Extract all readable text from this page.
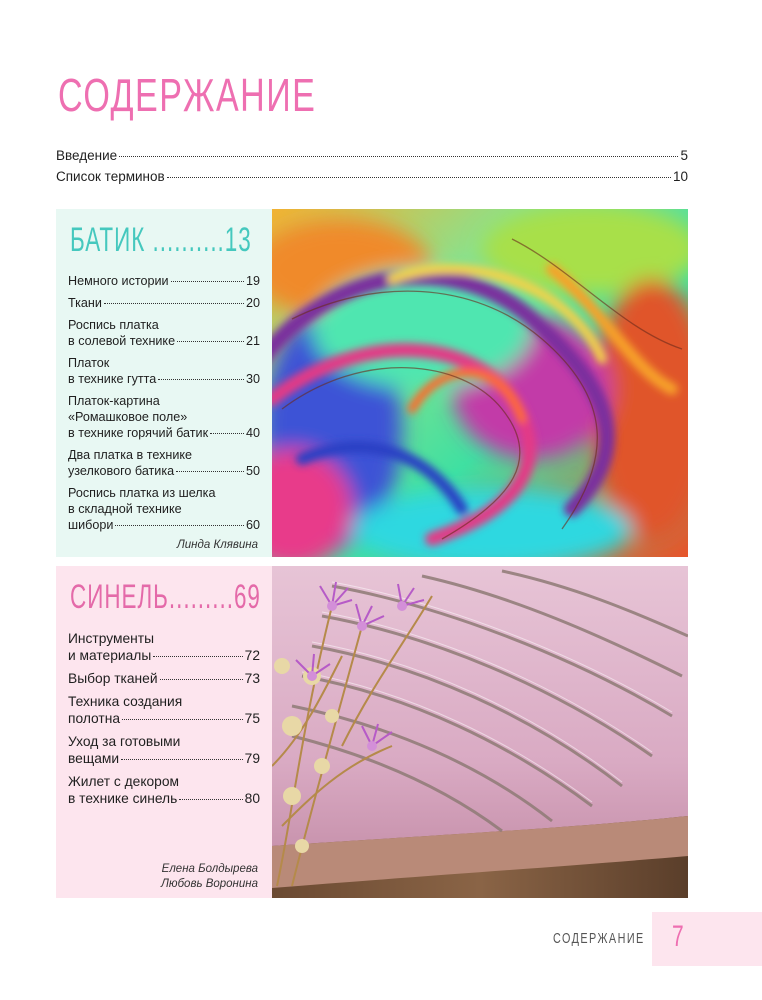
СОДЕРЖАНИЕ
Введение	5
Список терминов	10
БАТИК ..........13
Немного истории	19
Ткани	20
Роспись платка
в солевой технике	21
Платок
в технике гутта	30
Платок-картина
«Ромашковое поле»
в технике горячий батик	40
Два платка в технике
узелкового батика	50
Роспись платка из шелка
в складной технике
шибори	60
Линда Клявина
СИНЕЛЬ.........69
Инструменты
и материалы	72
Выбор тканей	73
Техника создания
полотна	75
Уход за готовыми
вещами	79
Жилет с декором
в технике синель	80
Елена Болдырева
Любовь Воронина
СОДЕРЖАНИЕ 7
